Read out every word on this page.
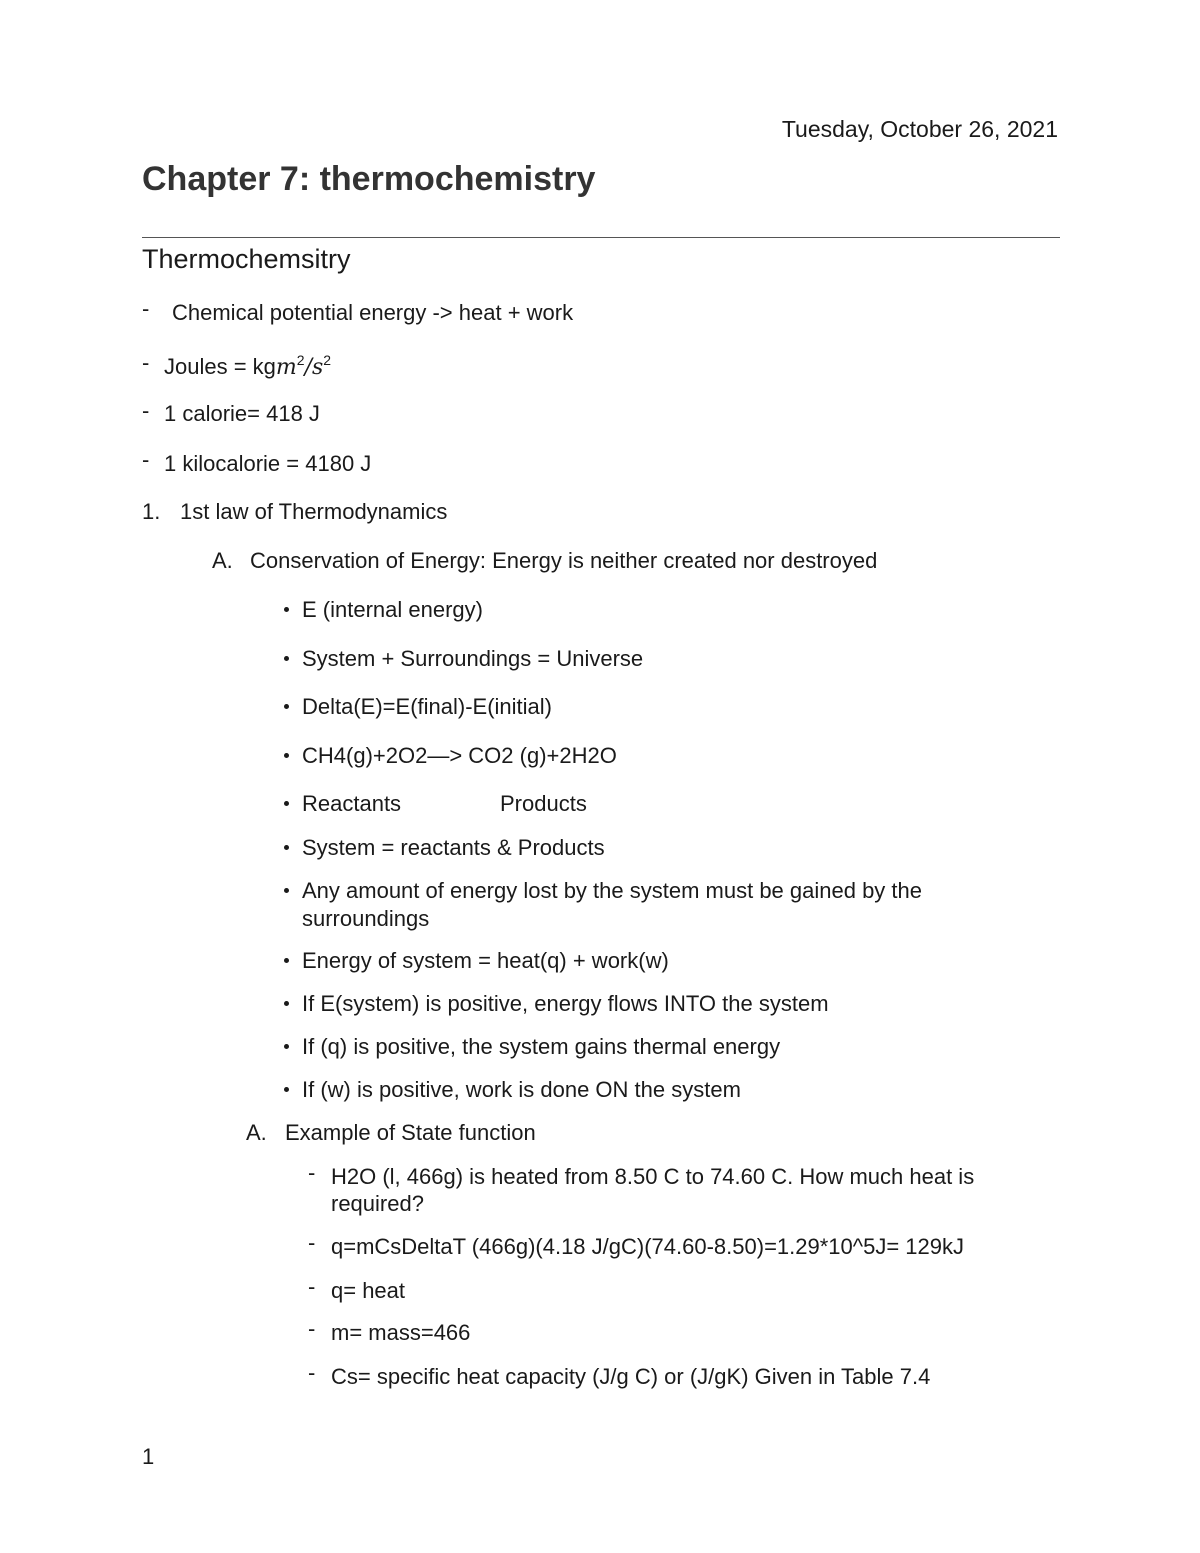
Tuesday, October 26, 2021
Chapter 7: thermochemistry
Thermochemsitry
- Chemical potential energy -> heat + work
- Joules = $kgm^2/s^2$
- 1 calorie= 418 J
- 1 kilocalorie = 4180 J
1. 1st law of Thermodynamics
A. Conservation of Energy: Energy is neither created nor destroyed
E (internal energy)
System + Surroundings = Universe
Delta(E)=E(final)-E(initial)
CH4(g)+2O2—> CO2 (g)+2H2O
Reactants	Products
System = reactants & Products
Any amount of energy lost by the system must be gained by the
surroundings
Energy of system = heat(q) + work(w)
If E(system) is positive, energy flows INTO the system
If (q) is positive, the system gains thermal energy
If (w) is positive, work is done ON the system
A. Example of State function
- H2O (l, 466g) is heated from 8.50 C to 74.60 C. How much heat is
required?
- q=mCsDeltaT (466g)(4.18 J/gC)(74.60-8.50)=1.29*10^5J= 129kJ
- q= heat
- m= mass=466
- Cs= specific heat capacity (J/g C) or (J/gK) Given in Table 7.4
1
